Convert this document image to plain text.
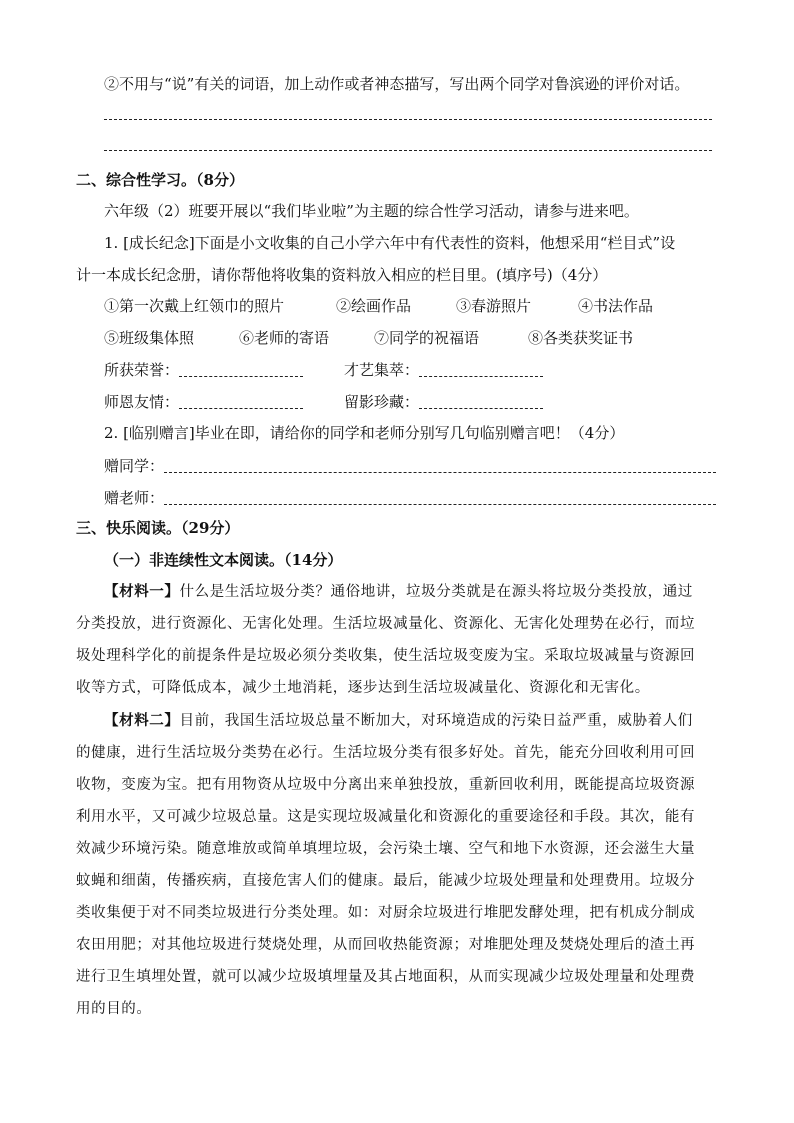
②不用与“说”有关的词语，加上动作或者神态描写，写出两个同学对鲁滨逊的评价对话。
二、综合性学习。（8分）
六年级（2）班要开展以“我们毕业啦”为主题的综合性学习活动，请参与进来吧。
1. [成长纪念]下面是小文收集的自己小学六年中有代表性的资料，他想采用“栏目式”设
计一本成长纪念册，请你帮他将收集的资料放入相应的栏目里。(填序号)（4分）
①第一次戴上红领巾的照片	②绘画作品	③春游照片	④书法作品
⑤班级集体照	⑥老师的寄语	⑦同学的祝福语	⑧各类获奖证书
所获荣誉：	才艺集萃：
师恩友情：	留影珍藏：
2. [临别赠言]毕业在即，请给你的同学和老师分别写几句临别赠言吧！（4分）
赠同学：
赠老师：
三、快乐阅读。（29分）
（一）非连续性文本阅读。（14分）
【材料一】什么是生活垃圾分类？通俗地讲，垃圾分类就是在源头将垃圾分类投放，通过
分类投放，进行资源化、无害化处理。生活垃圾减量化、资源化、无害化处理势在必行，而垃
圾处理科学化的前提条件是垃圾必须分类收集，使生活垃圾变废为宝。采取垃圾减量与资源回
收等方式，可降低成本，减少土地消耗，逐步达到生活垃圾减量化、资源化和无害化。
【材料二】目前，我国生活垃圾总量不断加大，对环境造成的污染日益严重，威胁着人们
的健康，进行生活垃圾分类势在必行。生活垃圾分类有很多好处。首先，能充分回收利用可回
收物，变废为宝。把有用物资从垃圾中分离出来单独投放，重新回收利用，既能提高垃圾资源
利用水平，又可减少垃圾总量。这是实现垃圾减量化和资源化的重要途径和手段。其次，能有
效减少环境污染。随意堆放或简单填埋垃圾，会污染土壤、空气和地下水资源，还会滋生大量
蚊蝇和细菌，传播疾病，直接危害人们的健康。最后，能减少垃圾处理量和处理费用。垃圾分
类收集便于对不同类垃圾进行分类处理。如：对厨余垃圾进行堆肥发酵处理，把有机成分制成
农田用肥；对其他垃圾进行焚烧处理，从而回收热能资源；对堆肥处理及焚烧处理后的渣土再
进行卫生填埋处置，就可以减少垃圾填埋量及其占地面积，从而实现减少垃圾处理量和处理费
用的目的。
